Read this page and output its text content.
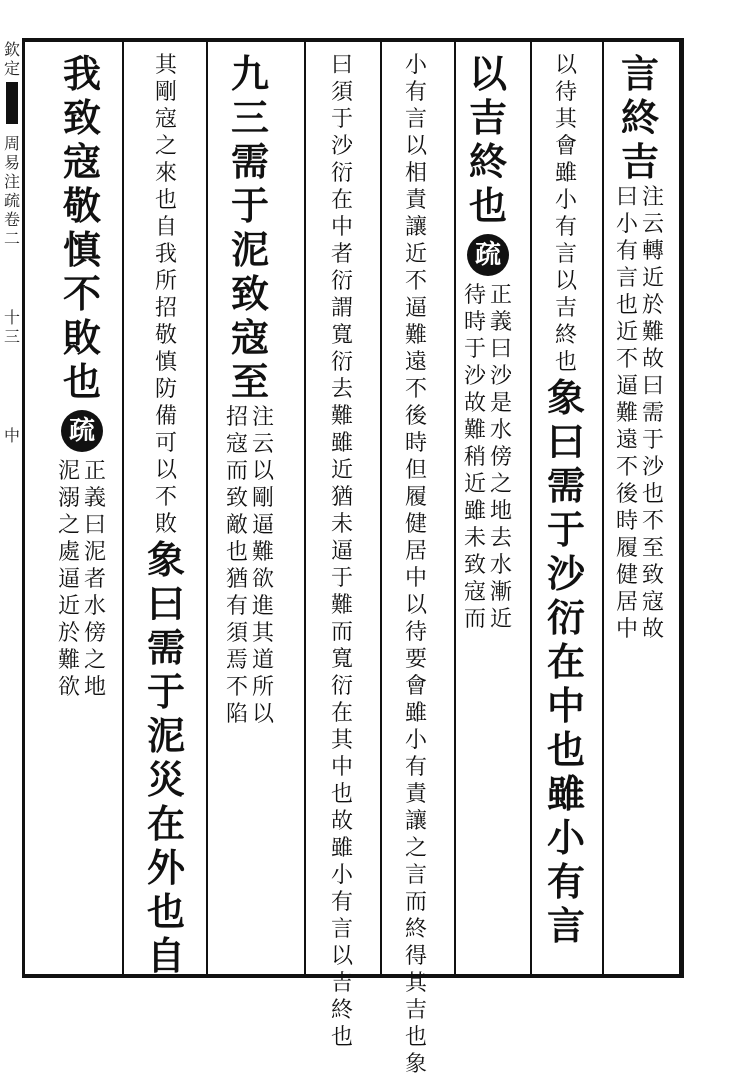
欽
定
周
易
注
疏
卷
二
十
三
中
言
終
吉
注
云
轉
近
於
難
故
曰
需
于
沙
也
不
至
致
寇
故
曰
小
有
言
也
近
不
逼
難
遠
不
後
時
履
健
居
中
以
待
其
會
雖
小
有
言
以
吉
終
也
象
曰
需
于
沙
衍
在
中
也
雖
小
有
言
以
吉
終
也
疏
正
義
曰
沙
是
水
傍
之
地
去
水
漸
近
待
時
于
沙
故
難
稍
近
雖
未
致
寇
而
小
有
言
以
相
責
讓
近
不
逼
難
遠
不
後
時
但
履
健
居
中
以
待
要
會
雖
小
有
責
讓
之
言
而
終
得
其
吉
也
象
曰
須
于
沙
衍
在
中
者
衍
謂
寬
衍
去
難
雖
近
猶
未
逼
于
難
而
寬
衍
在
其
中
也
故
雖
小
有
言
以
吉
終
也
九
三
需
于
泥
致
寇
至
注
云
以
剛
逼
難
欲
進
其
道
所
以
招
寇
而
致
敵
也
猶
有
須
焉
不
陷
其
剛
寇
之
來
也
自
我
所
招
敬
慎
防
備
可
以
不
敗
象
曰
需
于
泥
災
在
外
也
自
我
致
寇
敬
慎
不
敗
也
疏
正
義
曰
泥
者
水
傍
之
地
泥
溺
之
處
逼
近
於
難
欲
